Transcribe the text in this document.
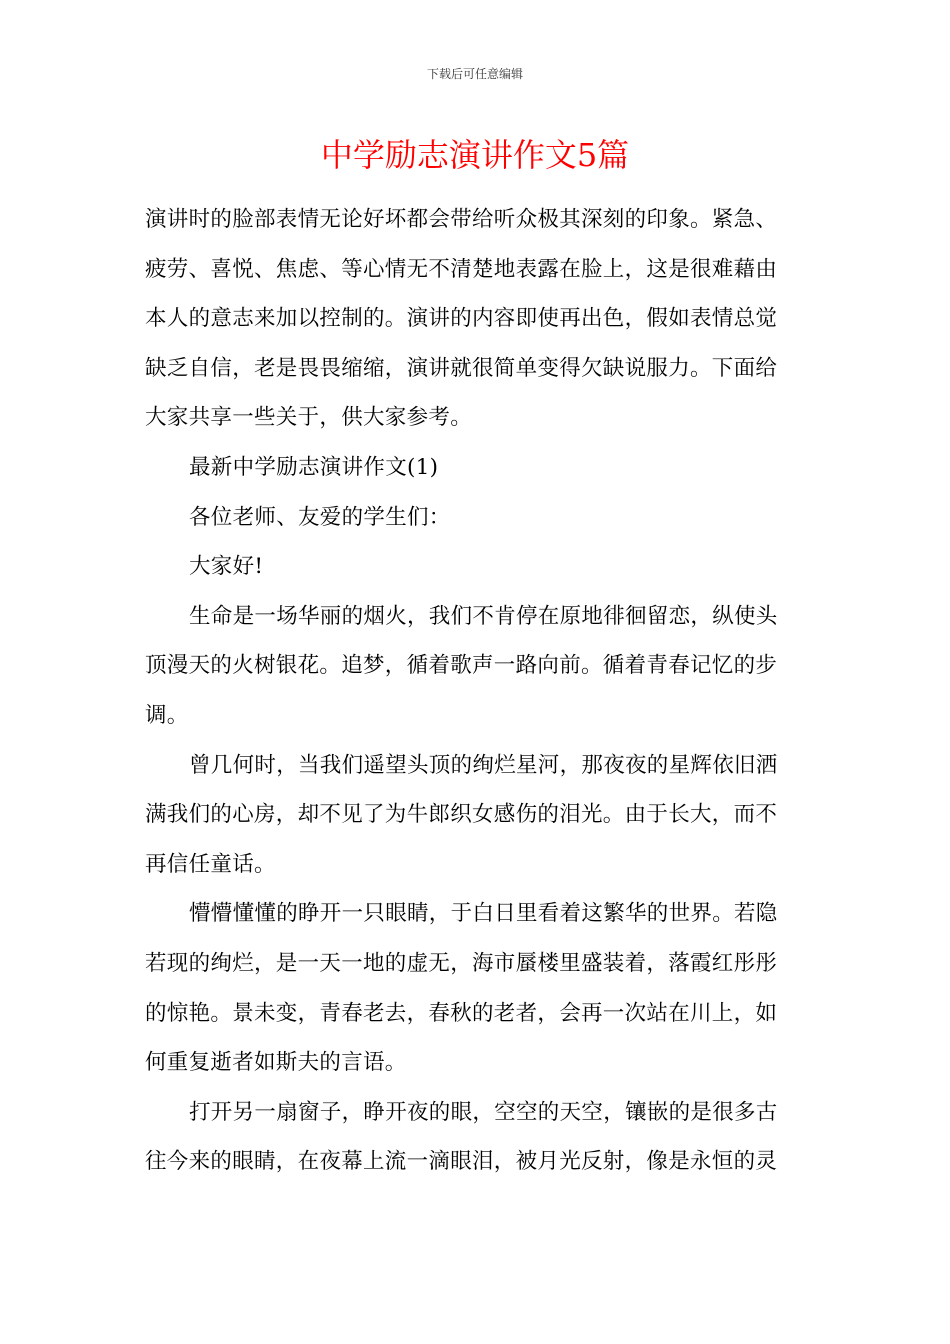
下载后可任意编辑
中学励志演讲作文5篇

演讲时的脸部表情无论好坏都会带给听众极其深刻的印象。紧急、疲劳、喜悦、焦虑、等心情无不清楚地表露在脸上，这是很难藉由本人的意志来加以控制的。演讲的内容即使再出色，假如表情总觉缺乏自信，老是畏畏缩缩，演讲就很简单变得欠缺说服力。下面给大家共享一些关于，供大家参考。

最新中学励志演讲作文(1)

各位老师、友爱的学生们：

大家好!

生命是一场华丽的烟火，我们不肯停在原地徘徊留恋，纵使头顶漫天的火树银花。追梦，循着歌声一路向前。循着青春记忆的步调。

曾几何时，当我们遥望头顶的绚烂星河，那夜夜的星辉依旧洒满我们的心房，却不见了为牛郎织女感伤的泪光。由于长大，而不再信任童话。

懵懵懂懂的睁开一只眼睛，于白日里看着这繁华的世界。若隐若现的绚烂，是一天一地的虚无，海市蜃楼里盛装着，落霞红彤彤的惊艳。景未变，青春老去，春秋的老者，会再一次站在川上，如何重复逝者如斯夫的言语。

打开另一扇窗子，睁开夜的眼，空空的天空，镶嵌的是很多古往今来的眼睛，在夜幕上流一滴眼泪，被月光反射，像是永恒的灵
